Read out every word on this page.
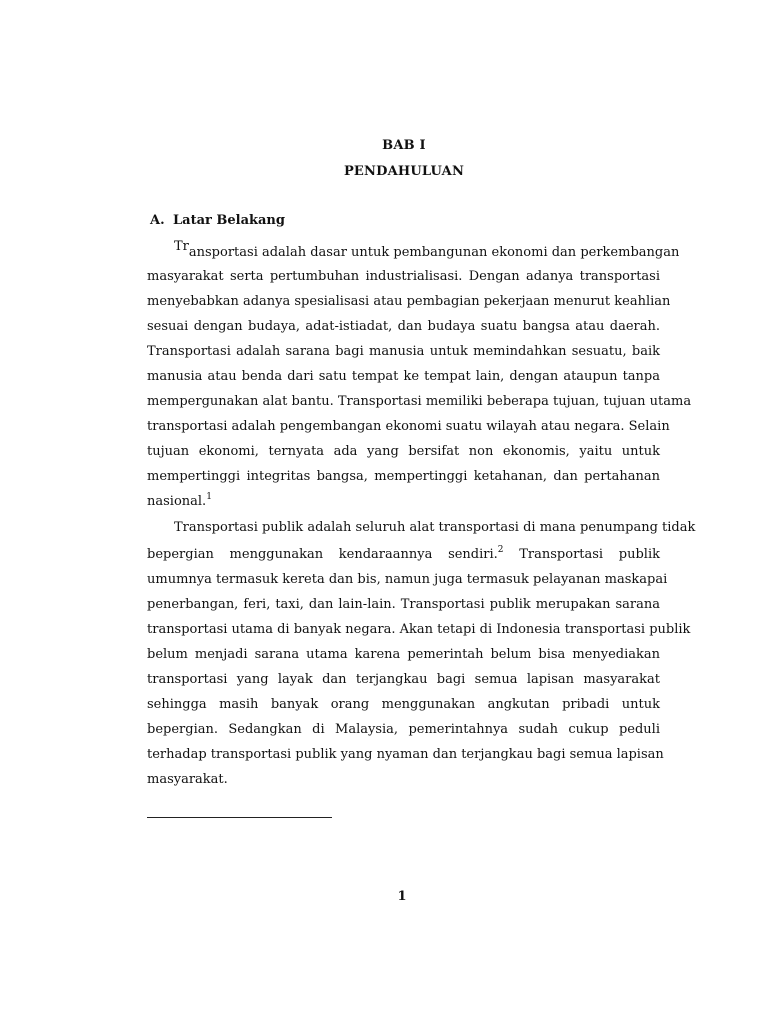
BAB I
PENDAHULUAN
A. Latar Belakang
Transportasi adalah dasar untuk pembangunan ekonomi dan perkembangan
masyarakat serta pertumbuhan industrialisasi. Dengan adanya transportasi
menyebabkan adanya spesialisasi atau pembagian pekerjaan menurut keahlian
sesuai dengan budaya, adat-istiadat, dan budaya suatu bangsa atau daerah.
Transportasi adalah sarana bagi manusia untuk memindahkan sesuatu, baik
manusia atau benda dari satu tempat ke tempat lain, dengan ataupun tanpa
mempergunakan alat bantu. Transportasi memiliki beberapa tujuan, tujuan utama
transportasi adalah pengembangan ekonomi suatu wilayah atau negara. Selain
tujuan ekonomi, ternyata ada yang bersifat non ekonomis, yaitu untuk
mempertinggi integritas bangsa, mempertinggi ketahanan, dan pertahanan
nasional.$^1$
Transportasi publik adalah seluruh alat transportasi di mana penumpang tidak
bepergian menggunakan kendaraannya sendiri.$^2$ Transportasi publik
umumnya termasuk kereta dan bis, namun juga termasuk pelayanan maskapai
penerbangan, feri, taxi, dan lain-lain. Transportasi publik merupakan sarana
transportasi utama di banyak negara. Akan tetapi di Indonesia transportasi publik
belum menjadi sarana utama karena pemerintah belum bisa menyediakan
transportasi yang layak dan terjangkau bagi semua lapisan masyarakat
sehingga masih banyak orang menggunakan angkutan pribadi untuk
bepergian. Sedangkan di Malaysia, pemerintahnya sudah cukup peduli
terhadap transportasi publik yang nyaman dan terjangkau bagi semua lapisan
masyarakat.
1
